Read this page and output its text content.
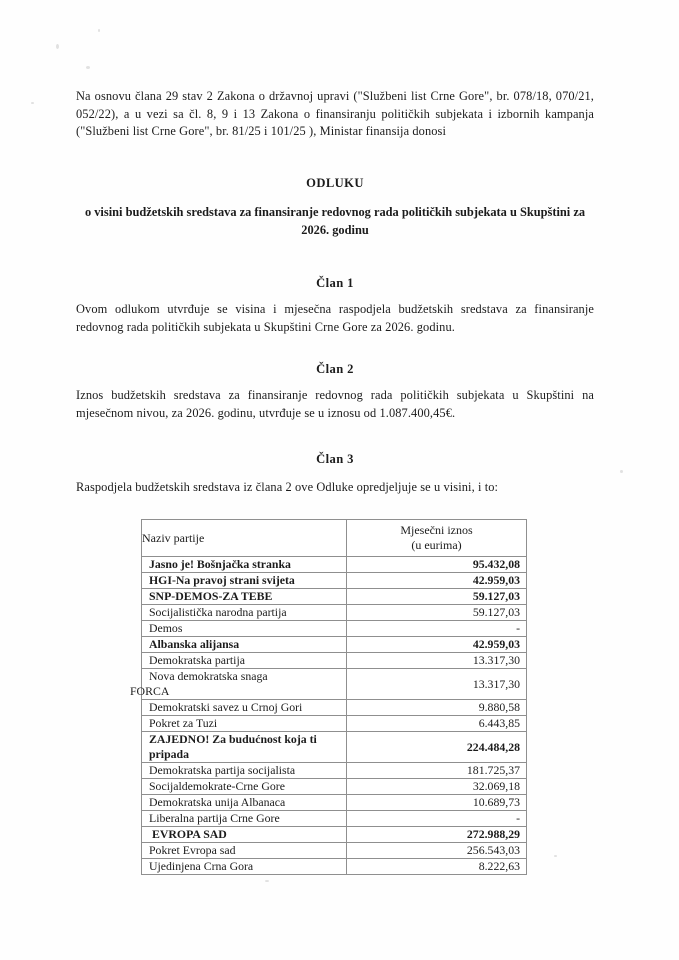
Na osnovu člana 29 stav 2 Zakona o državnoj upravi ("Službeni list Crne Gore", br. 078/18, 070/21, 052/22), a u vezi sa čl. 8, 9 i 13 Zakona o finansiranju političkih subjekata i izbornih kampanja ("Službeni list Crne Gore", br. 81/25 i 101/25 ), Ministar finansija donosi

ODLUKU
o visini budžetskih sredstava za finansiranje redovnog rada političkih subjekata u Skupštini za 2026. godinu
Član 1

Ovom odlukom utvrđuje se visina i mjesečna raspodjela budžetskih sredstava za finansiranje redovnog rada političkih subjekata u Skupštini Crne Gore za 2026. godinu.

Član 2

Iznos budžetskih sredstava za finansiranje redovnog rada političkih subjekata u Skupštini na mjesečnom nivou, za 2026. godinu, utvrđuje se u iznosu od 1.087.400,45€.

Član 3

Raspodjela budžetskih sredstava iz člana 2 ove Odluke opredjeljuje se u visini, i to:

Naziv partije	Mjesečni iznos
(u eurima)

Jasno je! Bošnjačka stranka	95.432,08
HGI-Na pravoj strani svijeta	42.959,03
SNP-DEMOS-ZA TEBE	59.127,03
Socijalistička narodna partija	59.127,03
Demos	-
Albanska alijansa	42.959,03
Demokratska partija	13.317,30
Nova demokratska snaga
FORCA	13.317,30
Demokratski savez u Crnoj Gori	9.880,58
Pokret za Tuzi	6.443,85
ZAJEDNO! Za budućnost koja ti pripada	224.484,28
Demokratska partija socijalista	181.725,37
Socijaldemokrate-Crne Gore	32.069,18
Demokratska unija Albanaca	10.689,73
Liberalna partija Crne Gore	-
EVROPA SAD	272.988,29
Pokret Evropa sad	256.543,03
Ujedinjena Crna Gora	8.222,63
